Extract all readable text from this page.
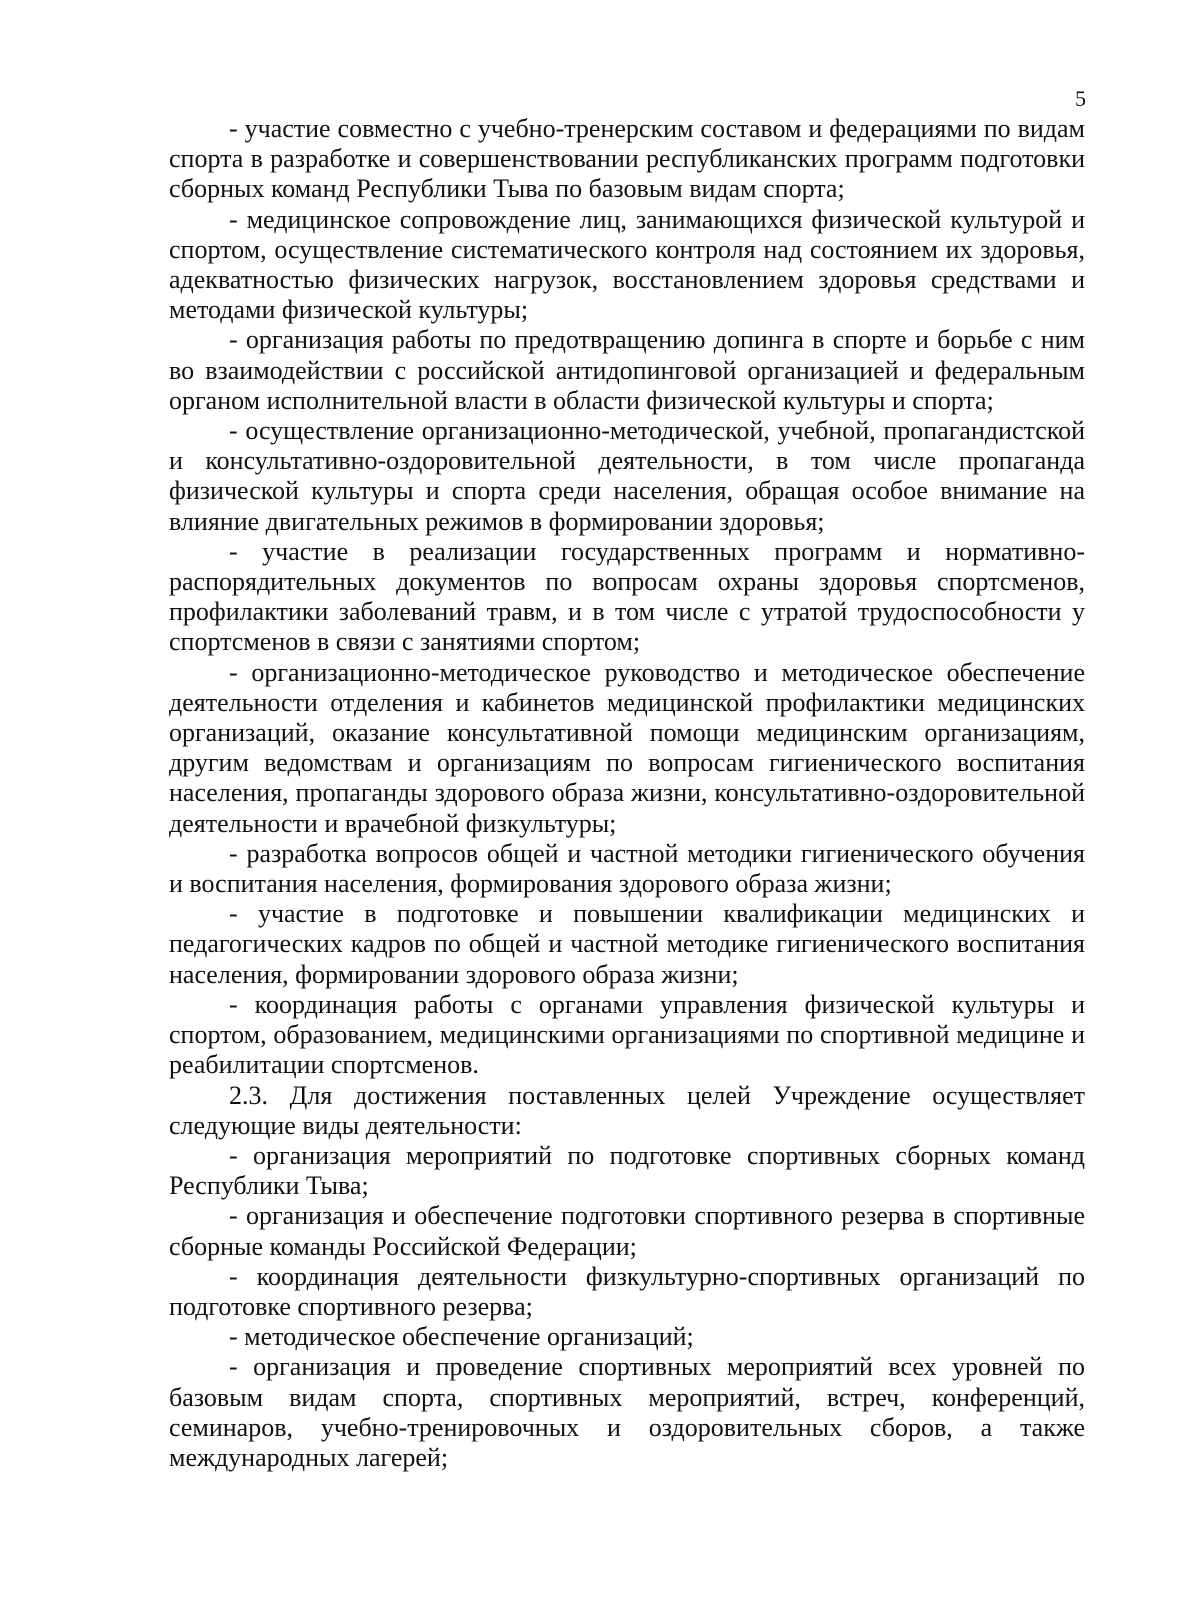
5

- участие совместно с учебно-тренерским составом и федерациями по видам спорта в разработке и совершенствовании республиканских программ подготовки сборных команд Республики Тыва по базовым видам спорта;

- медицинское сопровождение лиц, занимающихся физической культурой и спортом, осуществление систематического контроля над состоянием их здоровья, адекватностью физических нагрузок, восстановлением здоровья средствами и методами физической культуры;

- организация работы по предотвращению допинга в спорте и борьбе с ним во взаимодействии с российской антидопинговой организацией и федеральным органом исполнительной власти в области физической культуры и спорта;

- осуществление организационно-методической, учебной, пропагандистской и консультативно-оздоровительной деятельности, в том числе пропаганда физической культуры и спорта среди населения, обращая особое внимание на влияние двигательных режимов в формировании здоровья;

- участие в реализации государственных программ и нормативно-распорядительных документов по вопросам охраны здоровья спортсменов, профилактики заболеваний травм, и в том числе с утратой трудоспособности у спортсменов в связи с занятиями спортом;

- организационно-методическое руководство и методическое обеспечение деятельности отделения и кабинетов медицинской профилактики медицинских организаций, оказание консультативной помощи медицинским организациям, другим ведомствам и организациям по вопросам гигиенического воспитания населения, пропаганды здорового образа жизни, консультативно-оздоровительной деятельности и врачебной физкультуры;

- разработка вопросов общей и частной методики гигиенического обучения и воспитания населения, формирования здорового образа жизни;

- участие в подготовке и повышении квалификации медицинских и педагогических кадров по общей и частной методике гигиенического воспитания населения, формировании здорового образа жизни;

- координация работы с органами управления физической культуры и спортом, образованием, медицинскими организациями по спортивной медицине и реабилитации спортсменов.

2.3. Для достижения поставленных целей Учреждение осуществляет следующие виды деятельности:

- организация мероприятий по подготовке спортивных сборных команд Республики Тыва;

- организация и обеспечение подготовки спортивного резерва в спортивные сборные команды Российской Федерации;

- координация деятельности физкультурно-спортивных организаций по подготовке спортивного резерва;

- методическое обеспечение организаций;

- организация и проведение спортивных мероприятий всех уровней по базовым видам спорта, спортивных мероприятий, встреч, конференций, семинаров, учебно-тренировочных и оздоровительных сборов, а также международных лагерей;
